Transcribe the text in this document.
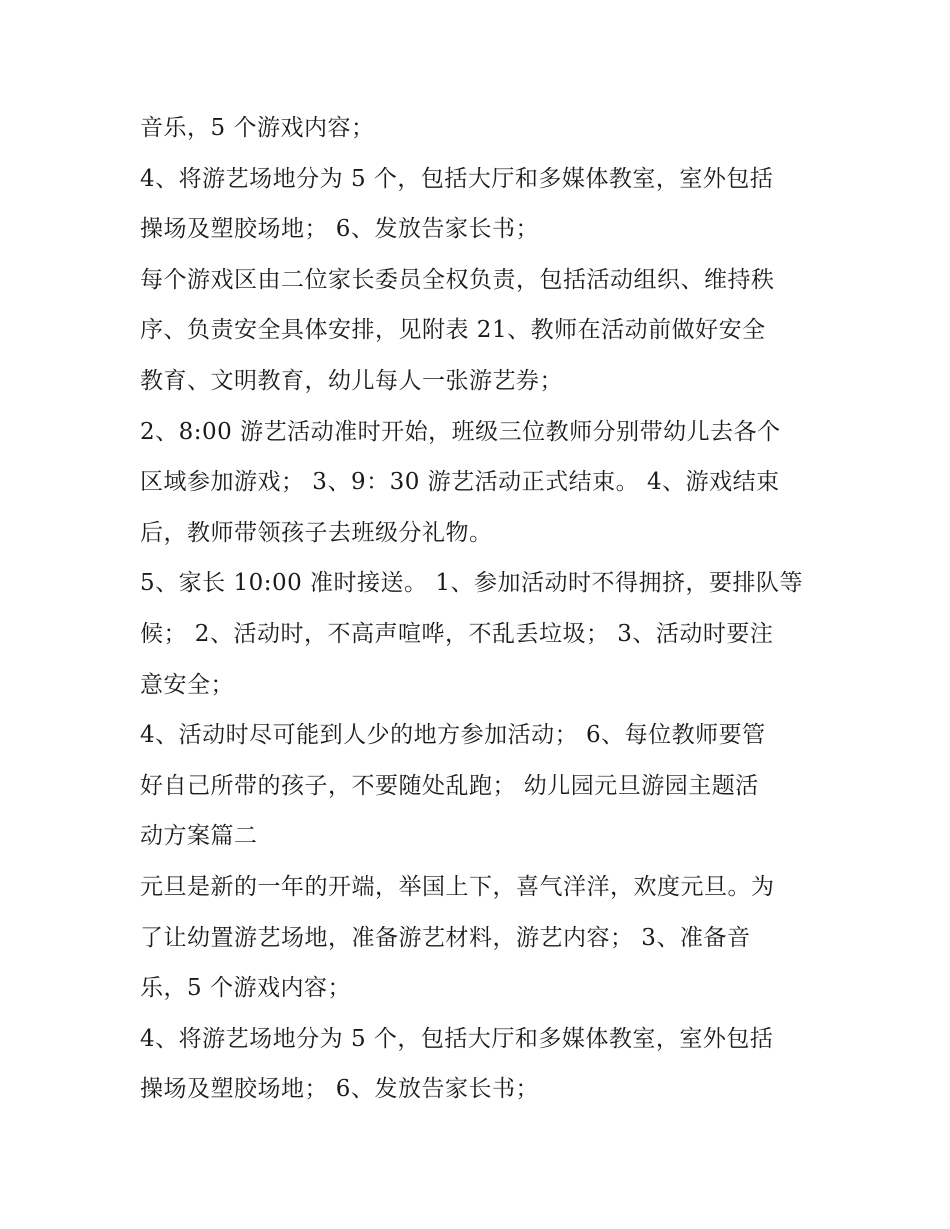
音乐，5 个游戏内容；
4、将游艺场地分为 5 个，包括大厅和多媒体教室，室外包括
操场及塑胶场地； 6、发放告家长书；
每个游戏区由二位家长委员全权负责，包括活动组织、维持秩
序、负责安全具体安排，见附表 21、教师在活动前做好安全
教育、文明教育，幼儿每人一张游艺券；
2、8:00 游艺活动准时开始，班级三位教师分别带幼儿去各个
区域参加游戏； 3、9：30 游艺活动正式结束。 4、游戏结束
后，教师带领孩子去班级分礼物。
5、家长 10:00 准时接送。 1、参加活动时不得拥挤，要排队等
候； 2、活动时，不高声喧哗，不乱丢垃圾； 3、活动时要注
意安全；
4、活动时尽可能到人少的地方参加活动； 6、每位教师要管
好自己所带的孩子，不要随处乱跑； 幼儿园元旦游园主题活
动方案篇二
元旦是新的一年的开端，举国上下，喜气洋洋，欢度元旦。为
了让幼置游艺场地，准备游艺材料，游艺内容； 3、准备音
乐，5 个游戏内容；
4、将游艺场地分为 5 个，包括大厅和多媒体教室，室外包括
操场及塑胶场地； 6、发放告家长书；
